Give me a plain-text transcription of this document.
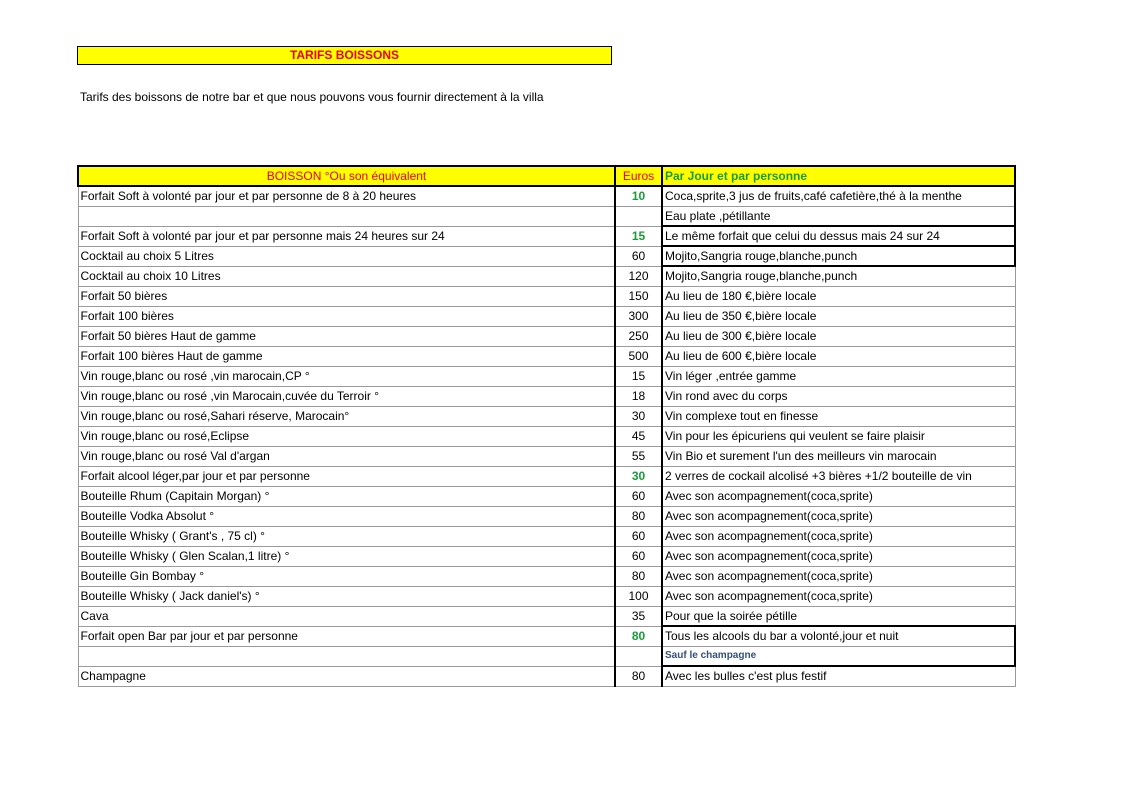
TARIFS BOISSONS
Tarifs des boissons de notre bar et que nous pouvons vous fournir directement à la villa
BOISSON °Ou son équivalent	Euros	Par Jour et par personne
Forfait Soft à volonté par jour et par personne de 8 à 20 heures	10	Coca,sprite,3 jus de fruits,café cafetière,thé à la menthe
		Eau plate ,pétillante
Forfait Soft à volonté par jour et par personne mais 24 heures sur 24	15	Le même forfait que celui du dessus mais 24 sur 24
Cocktail au choix 5 Litres	60	Mojito,Sangria rouge,blanche,punch
Cocktail au choix 10 Litres	120	Mojito,Sangria rouge,blanche,punch
Forfait 50 bières	150	Au lieu de 180 €,bière locale
Forfait 100 bières	300	Au lieu de 350 €,bière locale
Forfait 50 bières Haut de gamme	250	Au lieu de 300 €,bière locale
Forfait 100 bières Haut de gamme	500	Au lieu de 600 €,bière locale
Vin rouge,blanc ou rosé ,vin marocain,CP °	15	Vin léger ,entrée gamme
Vin rouge,blanc ou rosé ,vin Marocain,cuvée du Terroir °	18	Vin rond avec du corps
Vin rouge,blanc ou rosé,Sahari réserve, Marocain°	30	Vin complexe tout en finesse
Vin rouge,blanc ou rosé,Eclipse	45	Vin pour les épicuriens qui veulent se faire plaisir
Vin rouge,blanc ou rosé Val d'argan	55	Vin Bio et surement l'un des meilleurs vin marocain
Forfait alcool léger,par jour et par personne	30	2 verres de cockail alcolisé +3 bières +1/2 bouteille de vin
Bouteille Rhum (Capitain Morgan) °	60	Avec son acompagnement(coca,sprite)
Bouteille Vodka Absolut °	80	Avec son acompagnement(coca,sprite)
Bouteille Whisky ( Grant's , 75 cl) °	60	Avec son acompagnement(coca,sprite)
Bouteille Whisky ( Glen Scalan,1 litre) °	60	Avec son acompagnement(coca,sprite)
Bouteille Gin Bombay °	80	Avec son acompagnement(coca,sprite)
Bouteille Whisky ( Jack daniel's) °	100	Avec son acompagnement(coca,sprite)
Cava	35	Pour que la soirée pétille
Forfait open Bar par jour et par personne	80	Tous les alcools du bar a volonté,jour et nuit
		Sauf le champagne
Champagne	80	Avec les bulles c'est plus festif
